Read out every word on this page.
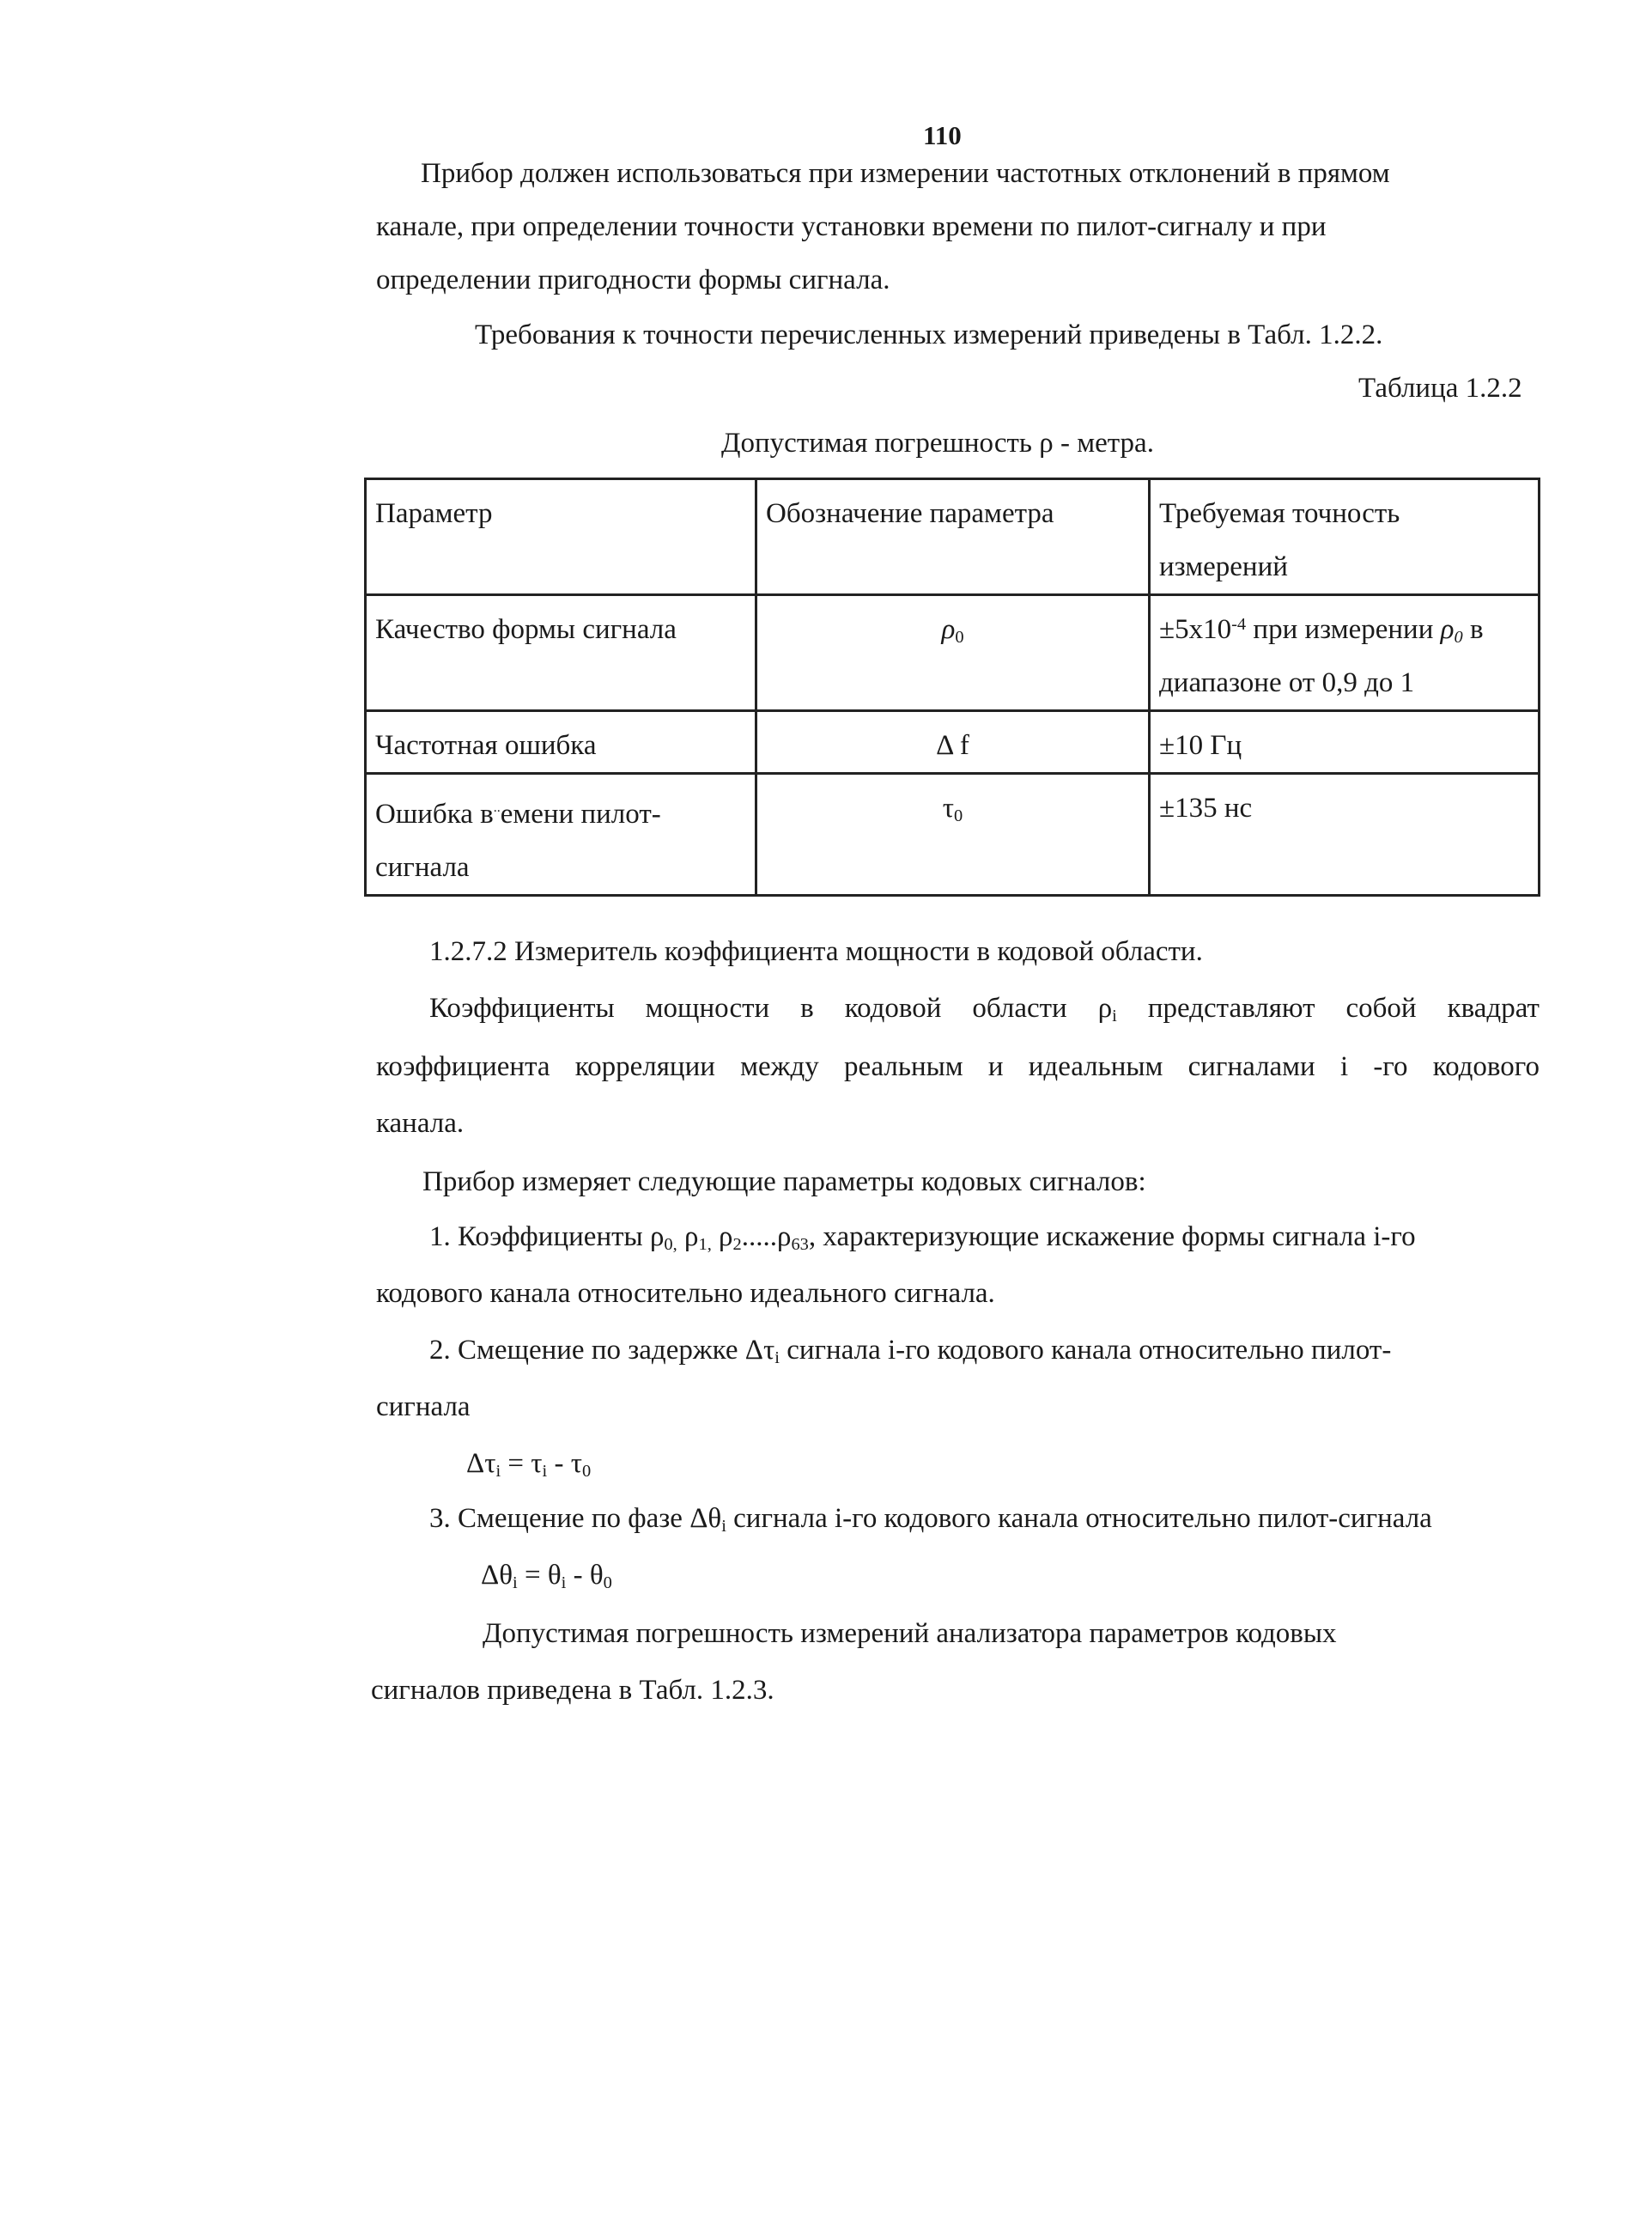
110
Прибор должен использоваться при измерении частотных отклонений в прямом
канале, при определении точности установки времени по пилот-сигналу и при
определении пригодности формы сигнала.
Требования к точности перечисленных измерений приведены в Табл. 1.2.2.
Таблица 1.2.2
Допустимая погрешность ρ - метра.
Параметр	Обозначение параметра	Требуемая точность
измерений
Качество формы сигнала	$\rho_0$	$\pm 5x10^{-4}$ при измерении $\rho_0$ в
диапазоне от 0,9 до 1
Частотная ошибка	Δ f	±10 Гц
Ошибка в..емени пилот-
сигнала	$\tau_0$	±135 нс
1.2.7.2 Измеритель коэффициента мощности в кодовой области.
Коэффициенты мощности в кодовой области $\rho_i$ представляют собой квадрат
коэффициента корреляции между реальным и идеальным сигналами i -го кодового
канала.
Прибор измеряет следующие параметры кодовых сигналов:
1. Коэффициенты $\rho_{0,}$ $\rho_{1,}$ $\rho_2.....\rho_{63}$, характеризующие искажение формы сигнала i-го
кодового канала относительно идеального сигнала.
2. Смещение по задержке $\Delta\tau_i$ сигнала i-го кодового канала относительно пилот-
сигнала
$\Delta\tau_i = \tau_i - \tau_0$
3. Смещение по фазе $\Delta\theta_i$ сигнала i-го кодового канала относительно пилот-сигнала
$\Delta\theta_i = \theta_i - \theta_0$
Допустимая погрешность измерений анализатора параметров кодовых
сигналов приведена в Табл. 1.2.3.
